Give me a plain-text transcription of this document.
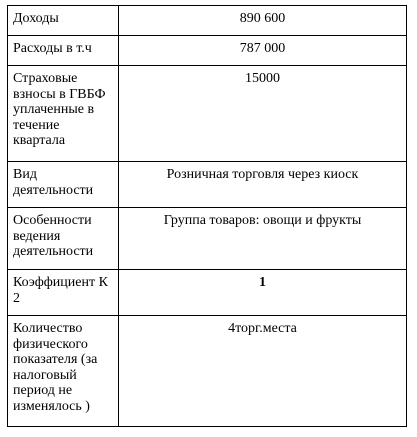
Доходы	890 600
Расходы в т.ч	787 000
Страховые взносы в ГВБФ уплаченные в течение квартала	15000
Вид деятельности	Розничная торговля через киоск
Особенности ведения деятельности	Группа товаров: овощи и фрукты
Коэффициент К 2	1
Количество физического показателя (за налоговый период не изменялось )	4торг.места
